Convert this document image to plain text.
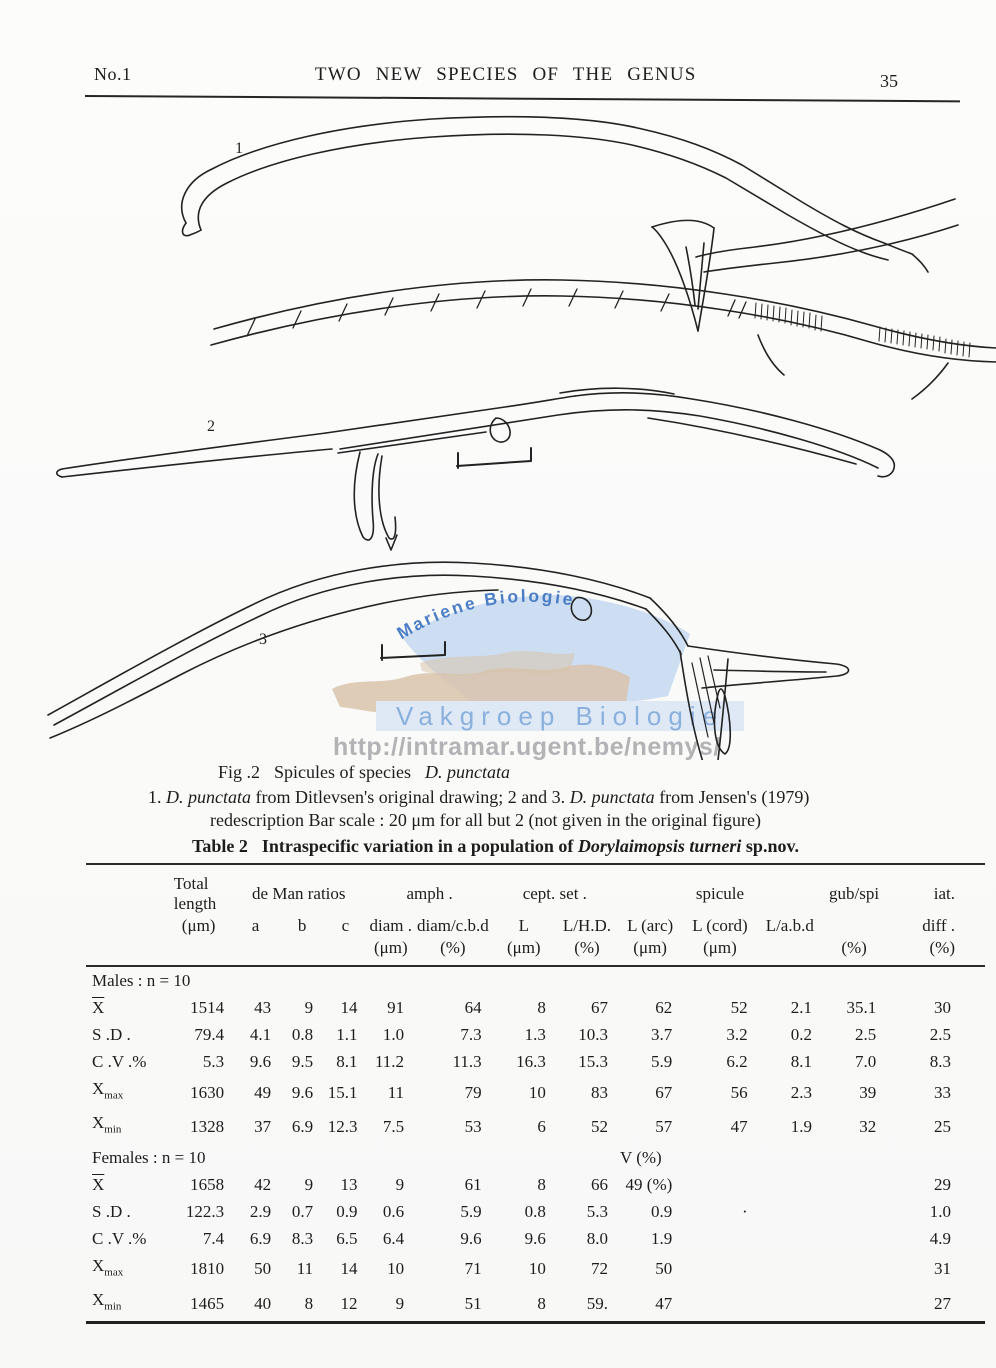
No.1	TWO NEW SPECIES OF THE GENUS	35
Mariene Biologie
Vakgroep Biologie
http://intramar.ugent.be/nemys/
1
2
3
Fig .2 Spicules of species D. punctata
1. D. punctata from Ditlevsen's original drawing; 2 and 3. D. punctata from Jensen's (1979)
redescription Bar scale : 20 μm for all but 2 (not given in the original figure)
Table 2 Intraspecific variation in a population of Dorylaimopsis turneri sp.nov.
	Total length	de Man ratios			amph .		cept. set .		spicule			gub/spi	iat.
	(μm)	a	b	c	diam .	diam/c.b.d	L	L/H.D.	L (arc)	L (cord)	L/a.b.d		diff .
					(μm)	(%)	(μm)	(%)	(μm)	(μm)		(%)	(%)
Males : n = 10													
$\overline{X}$	1514	43	9	14	91	64	8	67	62	52	2.1	35.1	30
S .D .	79.4	4.1	0.8	1.1	1.0	7.3	1.3	10.3	3.7	3.2	0.2	2.5	2.5
C .V .%	5.3	9.6	9.5	8.1	11.2	11.3	16.3	15.3	5.9	6.2	8.1	7.0	8.3
$X_{max}$	1630	49	9.6	15.1	11	79	10	83	67	56	2.3	39	33
$X_{min}$	1328	37	6.9	12.3	7.5	53	6	52	57	47	1.9	32	25
Females : n = 10									V (%)				
$\overline{X}$	1658	42	9	13	9	61	8	66	49 (%)				29
S .D .	122.3	2.9	0.7	0.9	0.6	5.9	0.8	5.3	0.9	·			1.0
C .V .%	7.4	6.9	8.3	6.5	6.4	9.6	9.6	8.0	1.9				4.9
$X_{max}$	1810	50	11	14	10	71	10	72	50				31
$X_{min}$	1465	40	8	12	9	51	8	59.	47				27
